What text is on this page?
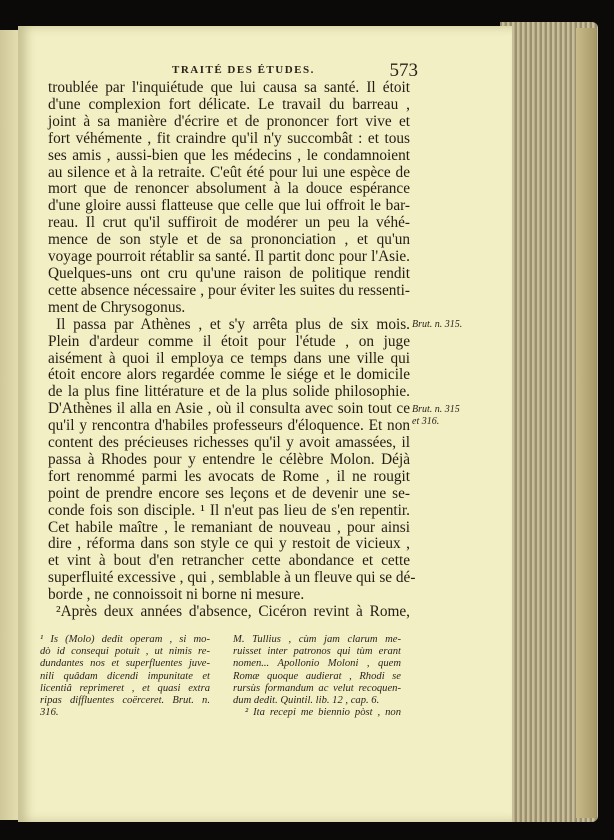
TRAITÉ DES ÉTUDES.	573
troublée par l'inquiétude que lui causa sa santé. Il étoit
d'une complexion fort délicate. Le travail du barreau ,
joint à sa manière d'écrire et de prononcer fort vive et
fort véhémente , fit craindre qu'il n'y succombât : et tous
ses amis , aussi-bien que les médecins , le condamnoient
au silence et à la retraite. C'eût été pour lui une espèce de
mort que de renoncer absolument à la douce espérance
d'une gloire aussi flatteuse que celle que lui offroit le bar-
reau. Il crut qu'il suffiroit de modérer un peu la véhé-
mence de son style et de sa prononciation , et qu'un
voyage pourroit rétablir sa santé. Il partit donc pour l'Asie.
Quelques-uns ont cru qu'une raison de politique rendit
cette absence nécessaire , pour éviter les suites du ressenti-
ment de Chrysogonus.
Il passa par Athènes , et s'y arrêta plus de six mois.
Plein d'ardeur comme il étoit pour l'étude , on juge
aisément à quoi il employa ce temps dans une ville qui
étoit encore alors regardée comme le siége et le domicile
de la plus fine littérature et de la plus solide philosophie.
D'Athènes il alla en Asie , où il consulta avec soin tout ce
qu'il y rencontra d'habiles professeurs d'éloquence. Et non
content des précieuses richesses qu'il y avoit amassées, il
passa à Rhodes pour y entendre le célèbre Molon. Déjà
fort renommé parmi les avocats de Rome , il ne rougit
point de prendre encore ses leçons et de devenir une se-
conde fois son disciple. ¹ Il n'eut pas lieu de s'en repentir.
Cet habile maître , le remaniant de nouveau , pour ainsi
dire , réforma dans son style ce qui y restoit de vicieux ,
et vint à bout d'en retrancher cette abondance et cette
superfluité excessive , qui , semblable à un fleuve qui se dé-
borde , ne connoissoit ni borne ni mesure.
²Après deux années d'absence, Cicéron revint à Rome,
Brut. n. 315.
Brut. n. 315
et 316.
¹ Is (Molo) dedit operam , si mo-
dò id consequi potuit , ut nimis re-
dundantes nos et superfluentes juve-
nili quâdam dicendi impunitate et
licentiâ reprimeret , et quasi extra
ripas diffluentes coërceret. Brut. n.
316.
M. Tullius , cùm jam clarum me-
ruisset inter patronos qui tùm erant
nomen... Apollonio Moloni , quem
Romæ quoque audierat , Rhodi se
rursùs formandum ac velut recoquen-
dum dedit. Quintil. lib. 12 , cap. 6.
² Ita recepi me biennio pòst , non
